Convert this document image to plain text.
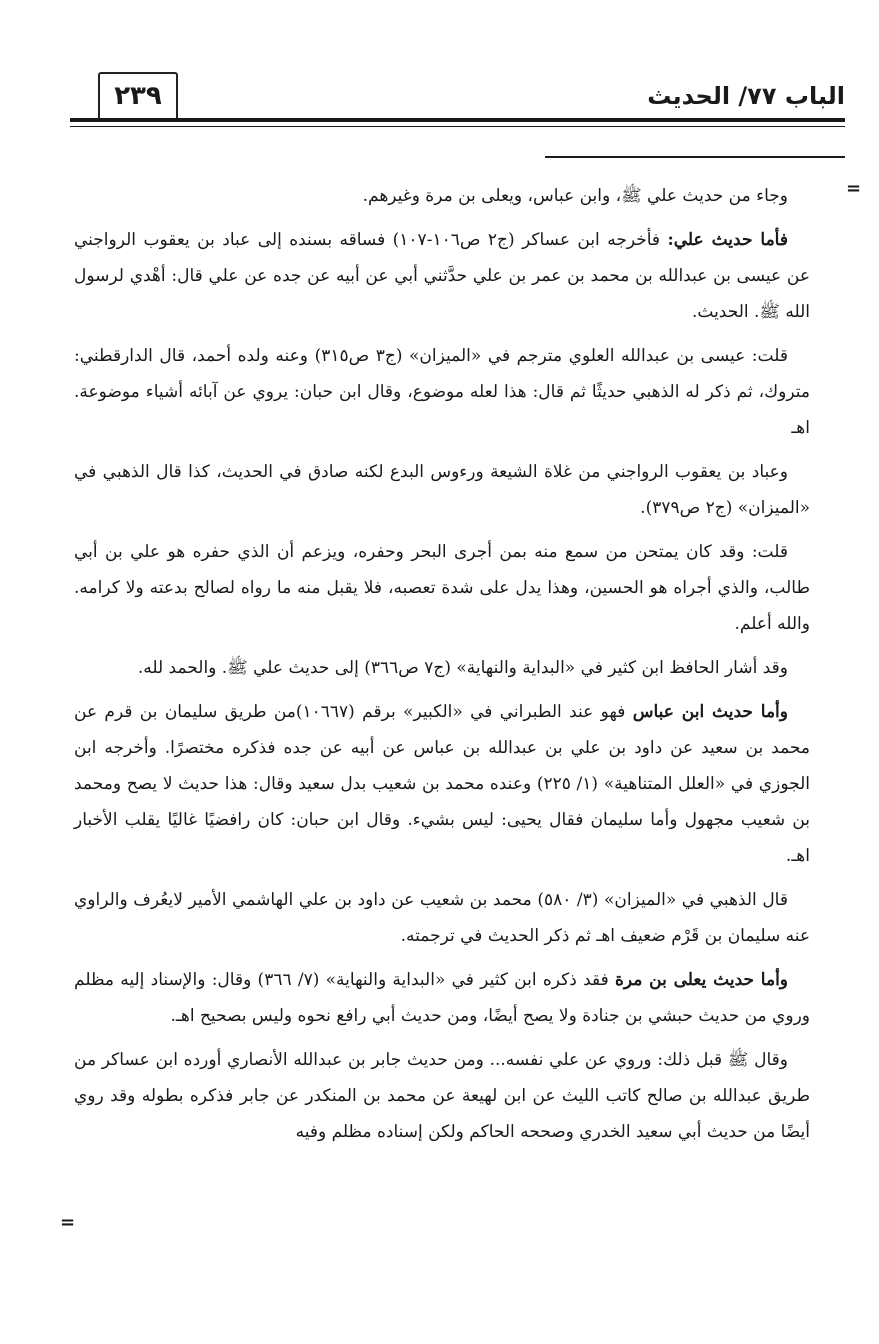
٢٣٩	الباب ٧٧/ الحديث
=
=

وجاء من حديث علي ﷺ، وابن عباس، ويعلى بن مرة وغيرهم.

فأما حديث علي: فأخرجه ابن عساكر (ج٢ ص١٠٦-١٠٧) فساقه بسنده إلى عباد بن يعقوب الرواجني عن عيسى بن عبدالله بن محمد بن عمر بن علي حدَّثني أبي عن أبيه عن جده عن علي قال: أهْدي لرسول الله ﷺ. الحديث.

قلت: عيسى بن عبدالله العلوي مترجم في «الميزان» (ج٣ ص٣١٥) وعنه ولده أحمد، قال الدارقطني: متروك، ثم ذكر له الذهبي حديثًا ثم قال: هذا لعله موضوع، وقال ابن حبان: يروي عن آبائه أشياء موضوعة. اهـ

وعباد بن يعقوب الرواجني من غلاة الشيعة ورءوس البدع لكنه صادق في الحديث، كذا قال الذهبي في «الميزان» (ج٢ ص٣٧٩).

قلت: وقد كان يمتحن من سمع منه بمن أجرى البحر وحفره، ويزعم أن الذي حفره هو علي بن أبي طالب، والذي أجراه هو الحسين، وهذا يدل على شدة تعصبه، فلا يقبل منه ما رواه لصالح بدعته ولا كرامه. والله أعلم.

وقد أشار الحافظ ابن كثير في «البداية والنهاية» (ج٧ ص٣٦٦) إلى حديث علي ﷺ. والحمد لله.

وأما حديث ابن عباس فهو عند الطبراني في «الكبير» برقم (١٠٦٦٧)من طريق سليمان بن قرم عن محمد بن سعيد عن داود بن علي بن عبدالله بن عباس عن أبيه عن جده فذكره مختصرًا. وأخرجه ابن الجوزي في «العلل المتناهية» (١/ ٢٢٥) وعنده محمد بن شعيب بدل سعيد وقال: هذا حديث لا يصح ومحمد بن شعيب مجهول وأما سليمان فقال يحيى: ليس بشيء. وقال ابن حبان: كان رافضيًا غاليًا يقلب الأخبار اهـ.

قال الذهبي في «الميزان» (٣/ ٥٨٠) محمد بن شعيب عن داود بن علي الهاشمي الأمير لايعُرف والراوي عنه سليمان بن قَرْم ضعيف اهـ ثم ذكر الحديث في ترجمته.

وأما حديث يعلى بن مرة فقد ذكره ابن كثير في «البداية والنهاية» (٧/ ٣٦٦) وقال: والإسناد إليه مظلم وروي من حديث حبشي بن جنادة ولا يصح أيضًا، ومن حديث أبي رافع نحوه وليس بصحيح اهـ.

وقال ﷺ قبل ذلك: وروي عن علي نفسه... ومن حديث جابر بن عبدالله الأنصاري أورده ابن عساكر من طريق عبدالله بن صالح كاتب الليث عن ابن لهيعة عن محمد بن المنكدر عن جابر فذكره بطوله وقد روي أيضًا من حديث أبي سعيد الخدري وصححه الحاكم ولكن إسناده مظلم وفيه
